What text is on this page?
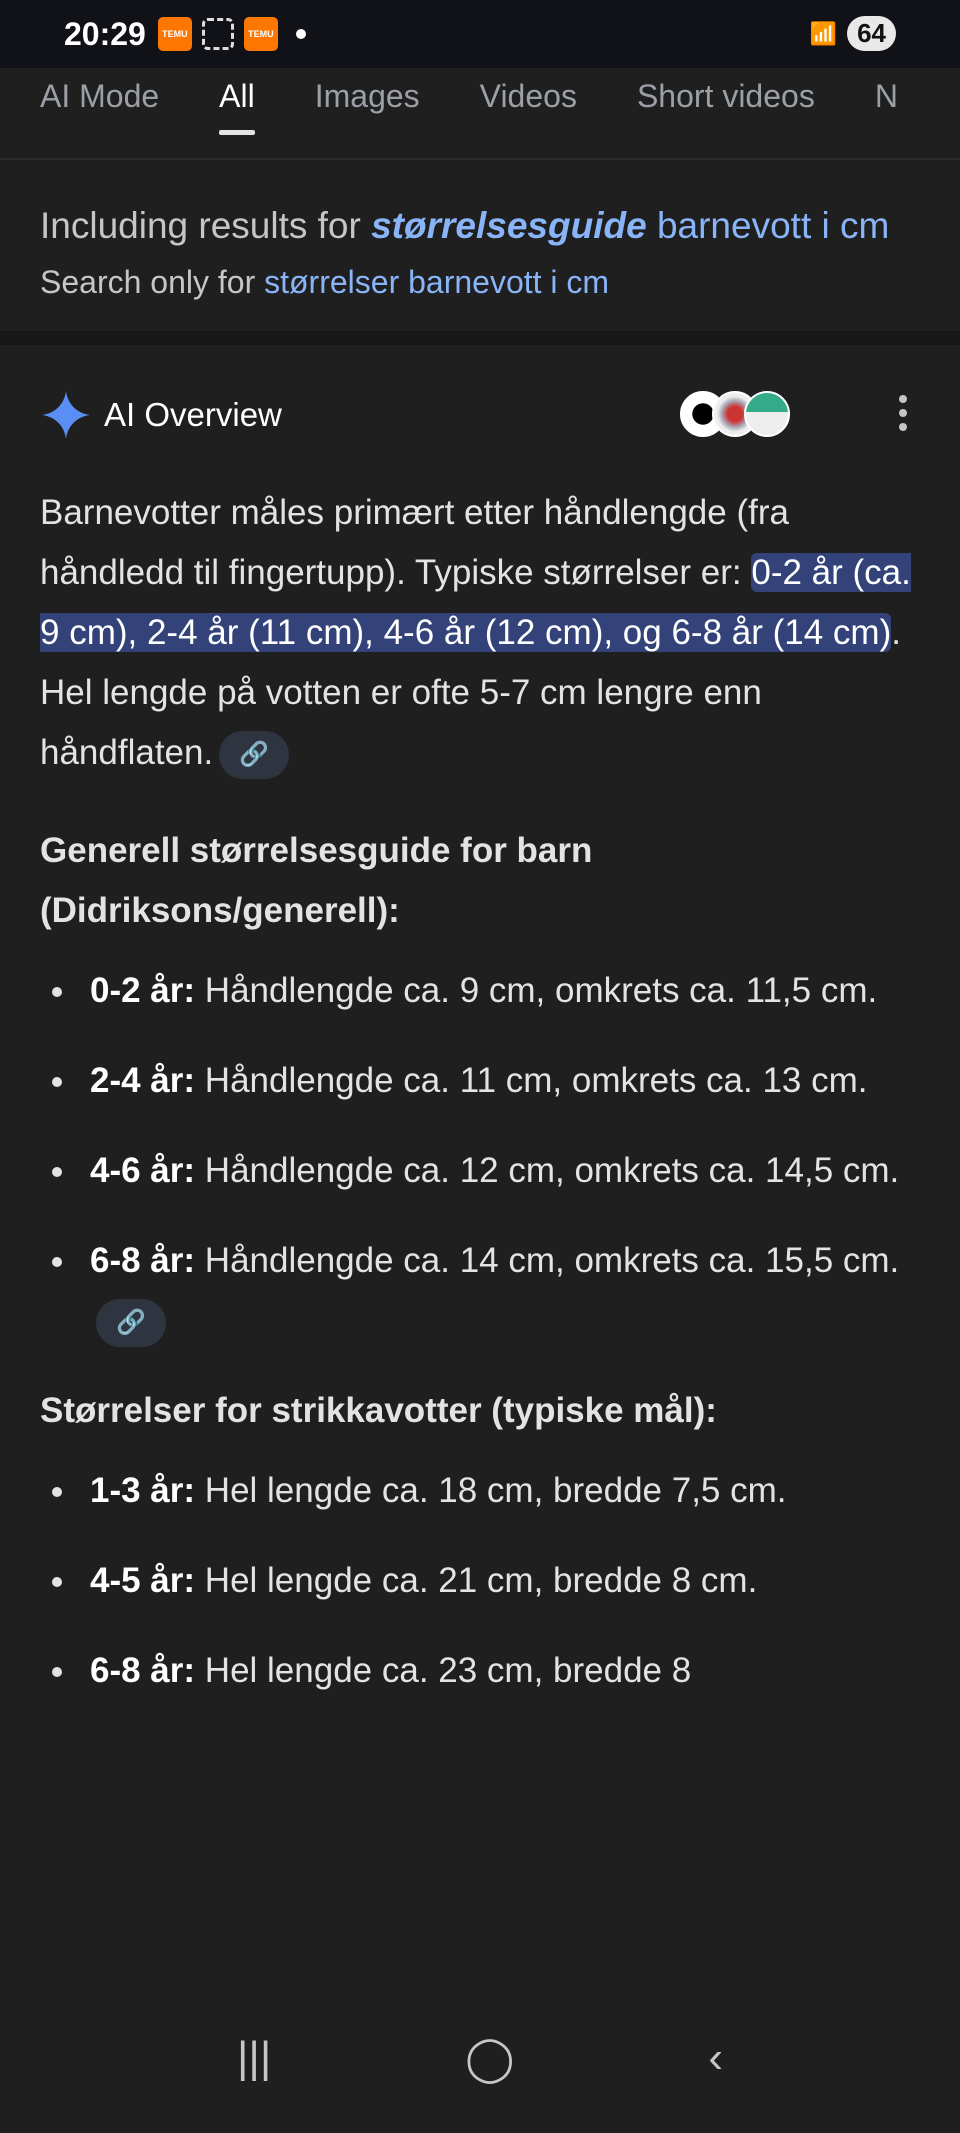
20:29	TEMU	TEMU	📶 64
AI Mode All Images Videos Short videos N
Including results for størrelsesguide barnevott i cm
Search only for størrelser barnevott i cm
AI Overview

Barnevotter måles primært etter håndlengde (fra håndledd til fingertupp). Typiske størrelser er: 0-2 år (ca. 9 cm), 2-4 år (11 cm), 4-6 år (12 cm), og 6-8 år (14 cm). Hel lengde på votten er ofte 5-7 cm lengre enn håndflaten. 🔗

Generell størrelsesguide for barn (Didriksons/generell):
0-2 år: Håndlengde ca. 9 cm, omkrets ca. 11,5 cm.
2-4 år: Håndlengde ca. 11 cm, omkrets ca. 13 cm.
4-6 år: Håndlengde ca. 12 cm, omkrets ca. 14,5 cm.
6-8 år: Håndlengde ca. 14 cm, omkrets ca. 15,5 cm.🔗
Størrelser for strikkavotter (typiske mål):
1-3 år: Hel lengde ca. 18 cm, bredde 7,5 cm.
4-5 år: Hel lengde ca. 21 cm, bredde 8 cm.
6-8 år: Hel lengde ca. 23 cm, bredde 8
|||	◯	‹
